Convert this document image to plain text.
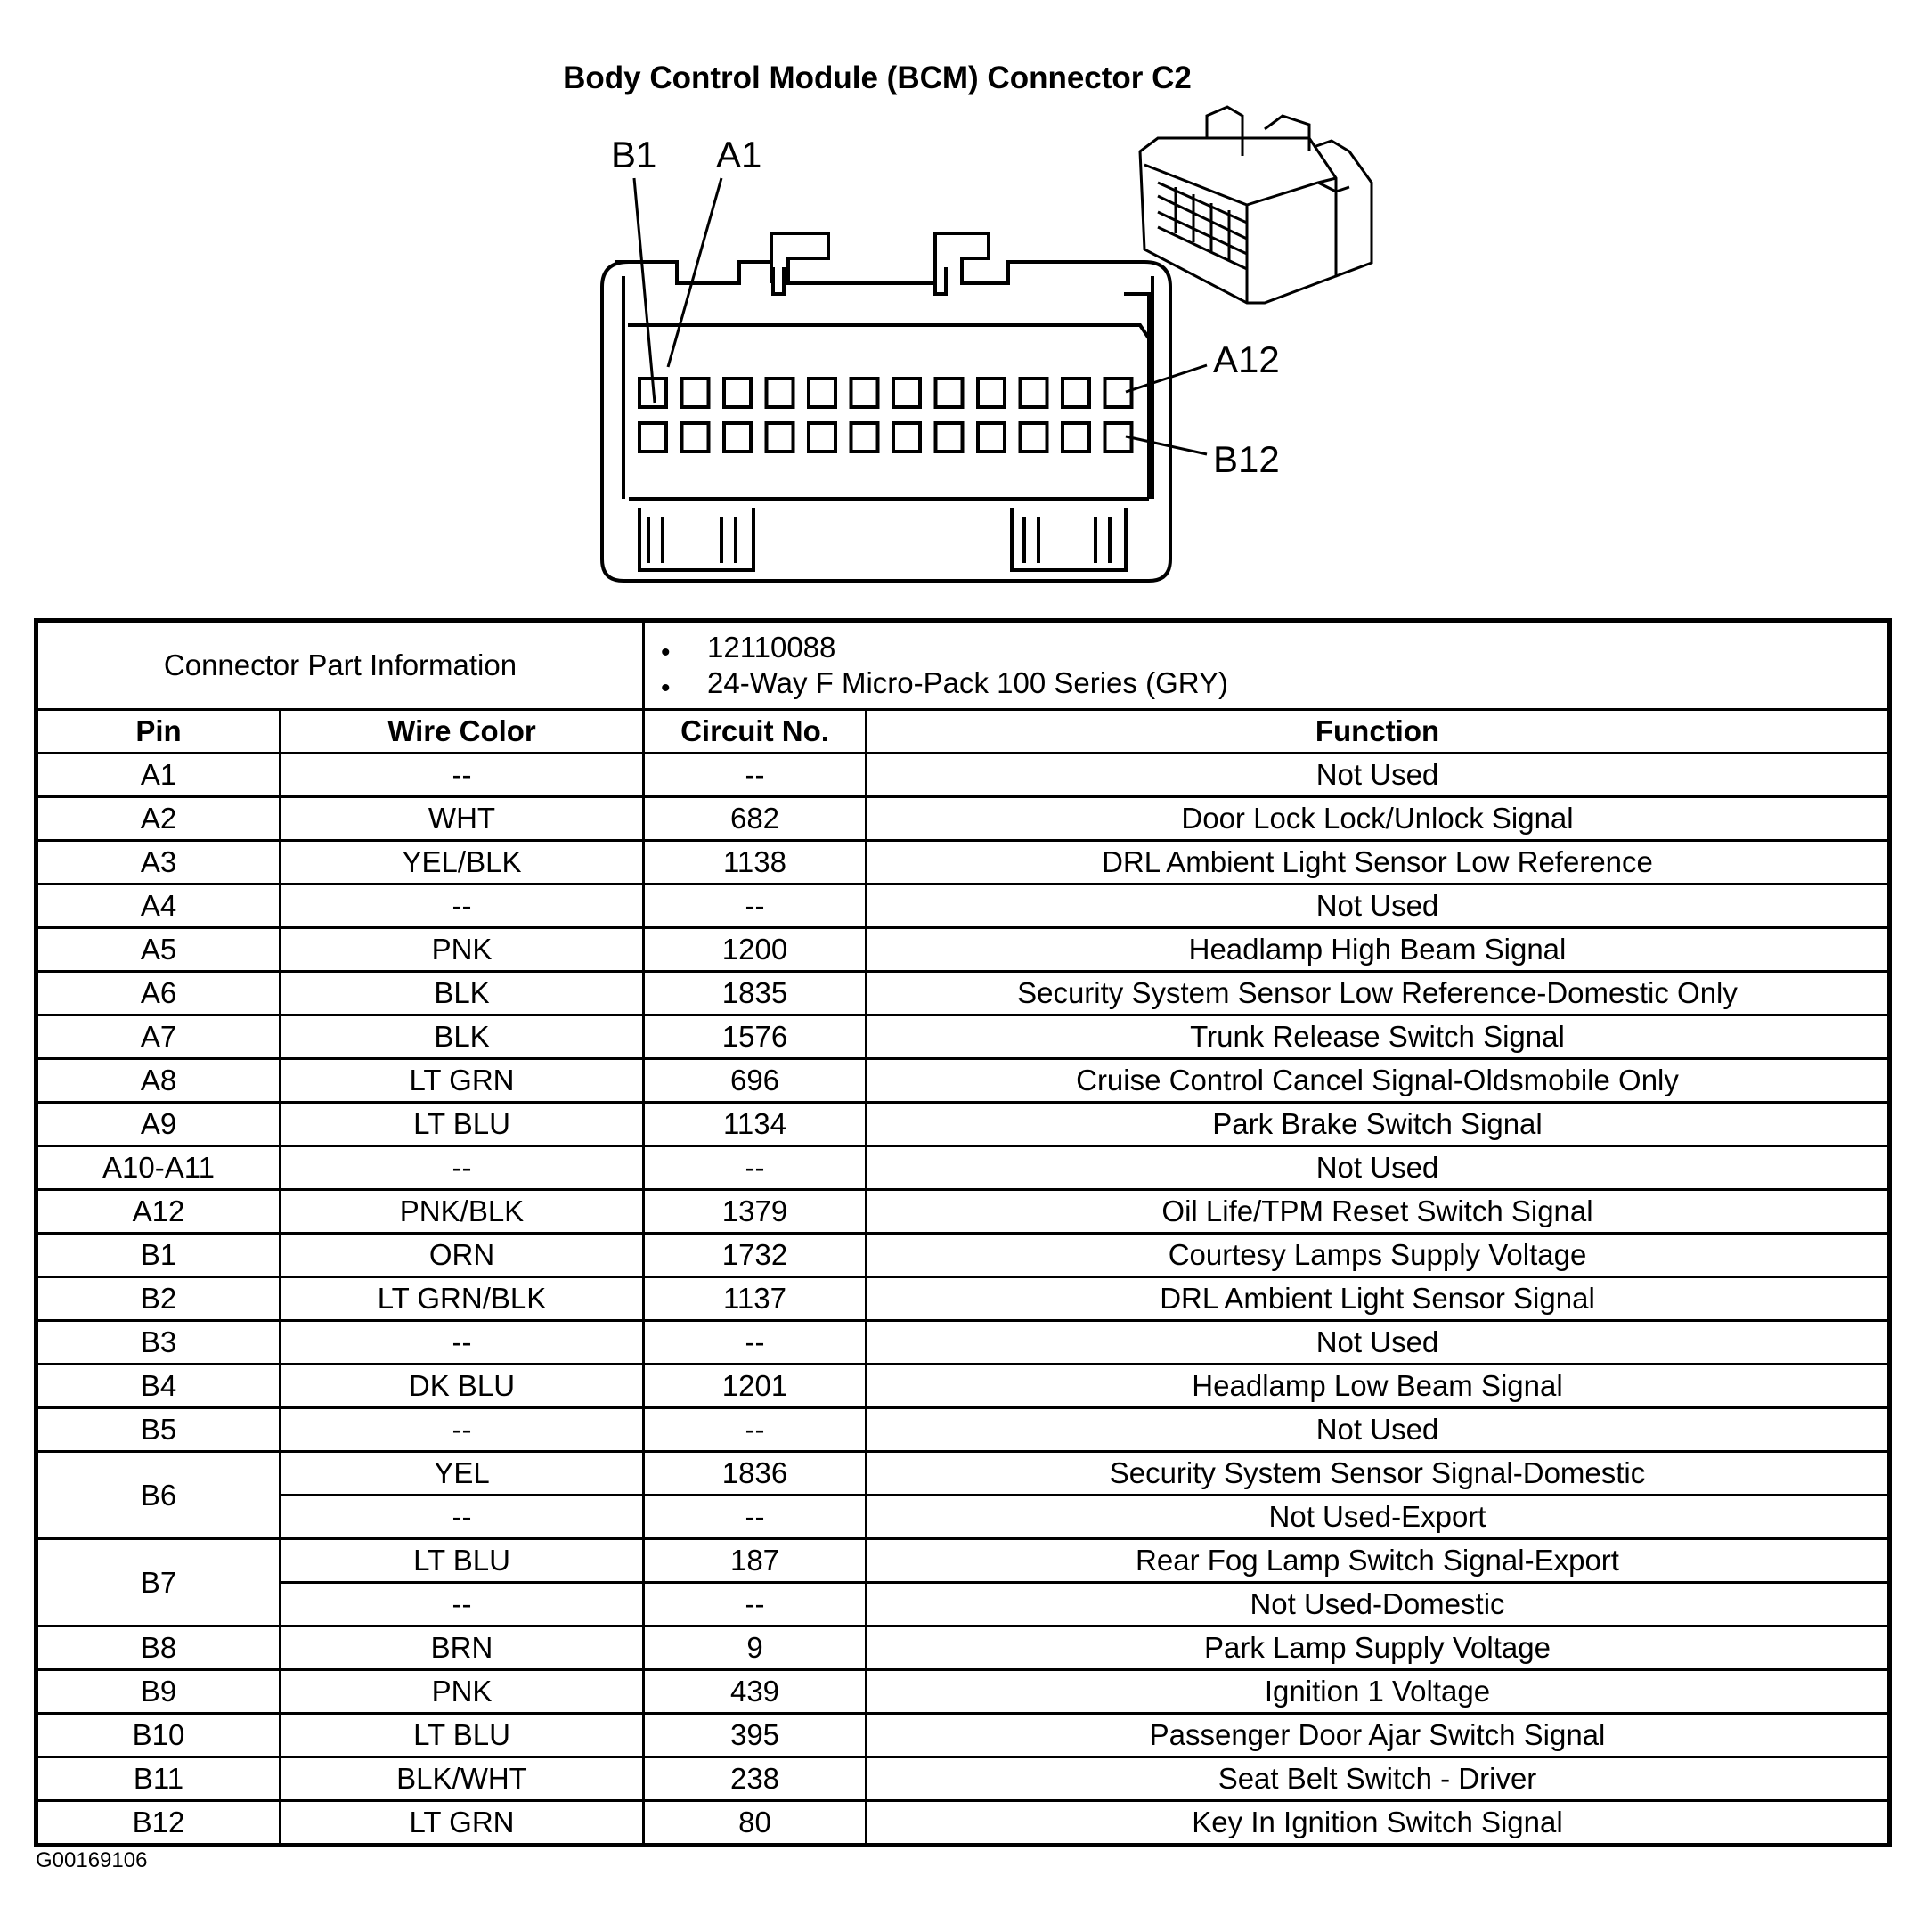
Body Control Module (BCM) Connector C2
B1 A1
A12
B12
Connector Part Information		• 12110088
• 24-Way F Micro-Pack 100 Series (GRY)

Pin	Wire Color	Circuit No.	Function
A1	--	--	Not Used
A2	WHT	682	Door Lock Lock/Unlock Signal
A3	YEL/BLK	1138	DRL Ambient Light Sensor Low Reference
A4	--	--	Not Used
A5	PNK	1200	Headlamp High Beam Signal
A6	BLK	1835	Security System Sensor Low Reference-Domestic Only
A7	BLK	1576	Trunk Release Switch Signal
A8	LT GRN	696	Cruise Control Cancel Signal-Oldsmobile Only
A9	LT BLU	1134	Park Brake Switch Signal
A10-A11	--	--	Not Used
A12	PNK/BLK	1379	Oil Life/TPM Reset Switch Signal
B1	ORN	1732	Courtesy Lamps Supply Voltage
B2	LT GRN/BLK	1137	DRL Ambient Light Sensor Signal
B3	--	--	Not Used
B4	DK BLU	1201	Headlamp Low Beam Signal
B5	--	--	Not Used
B6	YEL	1836	Security System Sensor Signal-Domestic
	--	--	Not Used-Export
B7	LT BLU	187	Rear Fog Lamp Switch Signal-Export
	--	--	Not Used-Domestic
B8	BRN	9	Park Lamp Supply Voltage
B9	PNK	439	Ignition 1 Voltage
B10	LT BLU	395	Passenger Door Ajar Switch Signal
B11	BLK/WHT	238	Seat Belt Switch - Driver
B12	LT GRN	80	Key In Ignition Switch Signal
G00169106
